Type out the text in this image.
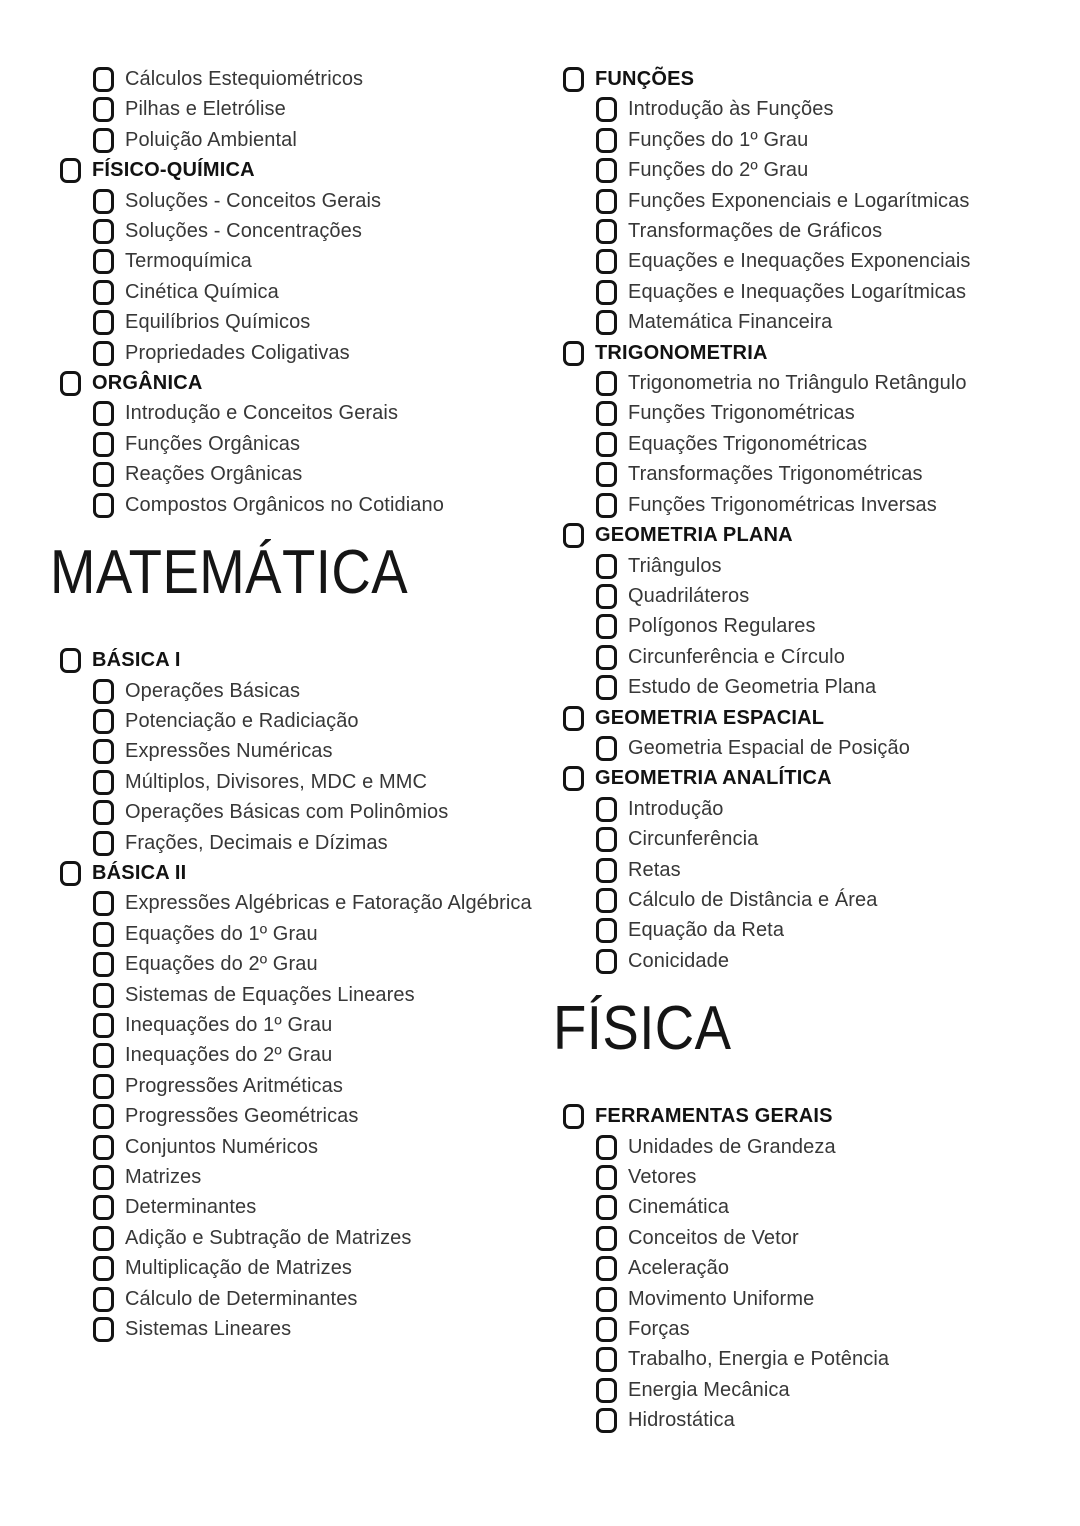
Cálculos Estequiométricos
Pilhas e Eletrólise
Poluição Ambiental
FÍSICO-QUÍMICA
Soluções - Conceitos Gerais
Soluções - Concentrações
Termoquímica
Cinética Química
Equilíbrios Químicos
Propriedades Coligativas
ORGÂNICA
Introdução e Conceitos Gerais
Funções Orgânicas
Reações Orgânicas
Compostos Orgânicos no Cotidiano
MATEMÁTICA
BÁSICA I
Operações Básicas
Potenciação e Radiciação
Expressões Numéricas
Múltiplos, Divisores, MDC e MMC
Operações Básicas com Polinômios
Frações, Decimais e Dízimas
BÁSICA II
Expressões Algébricas e Fatoração Algébrica
Equações do 1º Grau
Equações do 2º Grau
Sistemas de Equações Lineares
Inequações do 1º Grau
Inequações do 2º Grau
Progressões Aritméticas
Progressões Geométricas
Conjuntos Numéricos
Matrizes
Determinantes
Adição e Subtração de Matrizes
Multiplicação de Matrizes
Cálculo de Determinantes
Sistemas Lineares
FUNÇÕES
Introdução às Funções
Funções do 1º Grau
Funções do 2º Grau
Funções Exponenciais e Logarítmicas
Transformações de Gráficos
Equações e Inequações Exponenciais
Equações e Inequações Logarítmicas
Matemática Financeira
TRIGONOMETRIA
Trigonometria no Triângulo Retângulo
Funções Trigonométricas
Equações Trigonométricas
Transformações Trigonométricas
Funções Trigonométricas Inversas
GEOMETRIA PLANA
Triângulos
Quadriláteros
Polígonos Regulares
Circunferência e Círculo
Estudo de Geometria Plana
GEOMETRIA ESPACIAL
Geometria Espacial de Posição
GEOMETRIA ANALÍTICA
Introdução
Circunferência
Retas
Cálculo de Distância e Área
Equação da Reta
Conicidade
FÍSICA
FERRAMENTAS GERAIS
Unidades de Grandeza
Vetores
Cinemática
Conceitos de Vetor
Aceleração
Movimento Uniforme
Forças
Trabalho, Energia e Potência
Energia Mecânica
Hidrostática
